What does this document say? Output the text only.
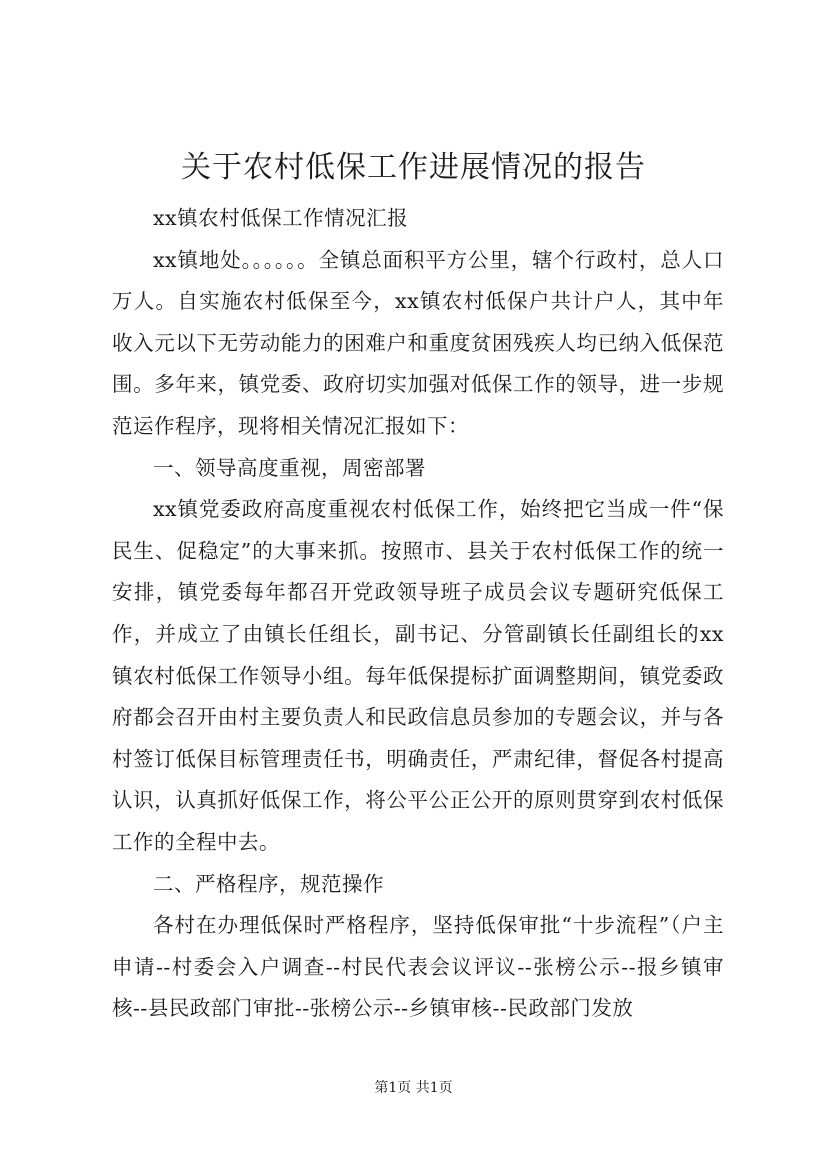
关于农村低保工作进展情况的报告

xx镇农村低保工作情况汇报

xx镇地处。。。。。。全镇总面积平方公里，辖个行政村，总人口万人。自实施农村低保至今，xx镇农村低保户共计户人，其中年收入元以下无劳动能力的困难户和重度贫困残疾人均已纳入低保范围。多年来，镇党委、政府切实加强对低保工作的领导，进一步规范运作程序，现将相关情况汇报如下：

一、领导高度重视，周密部署

xx镇党委政府高度重视农村低保工作，始终把它当成一件“保民生、促稳定”的大事来抓。按照市、县关于农村低保工作的统一安排，镇党委每年都召开党政领导班子成员会议专题研究低保工作，并成立了由镇长任组长，副书记、分管副镇长任副组长的xx镇农村低保工作领导小组。每年低保提标扩面调整期间，镇党委政府都会召开由村主要负责人和民政信息员参加的专题会议，并与各村签订低保目标管理责任书，明确责任，严肃纪律，督促各村提高认识，认真抓好低保工作，将公平公正公开的原则贯穿到农村低保工作的全程中去。

二、严格程序，规范操作

各村在办理低保时严格程序，坚持低保审批“十步流程”（户主申请--村委会入户调查--村民代表会议评议--张榜公示--报乡镇审核--县民政部门审批--张榜公示--乡镇审核--民政部门发放

第1页 共1页
